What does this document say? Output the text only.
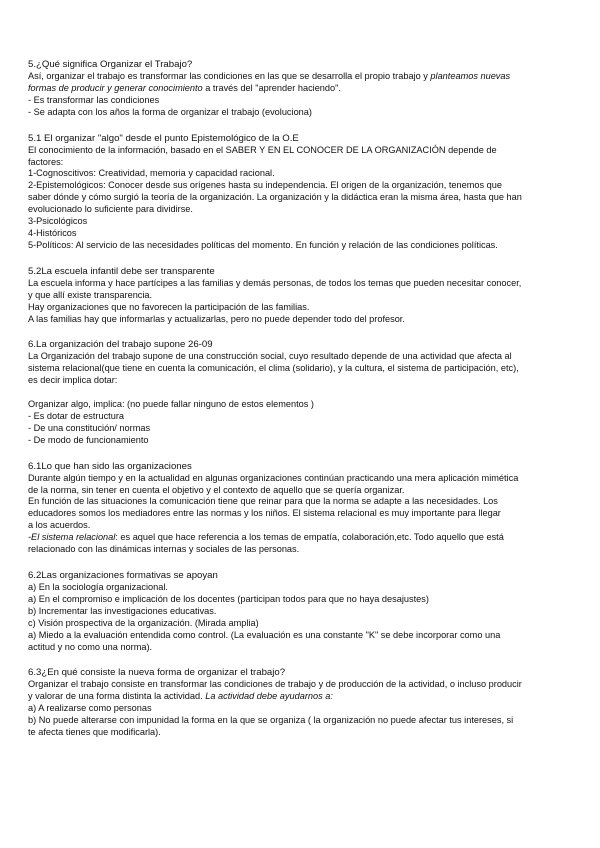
5.¿Qué significa Organizar el Trabajo?
Así, organizar el trabajo es transformar las condiciones en las que se desarrolla el propio trabajo y planteamos nuevas
formas de producir y generar conocimiento a través del "aprender haciendo".
- Es transformar las condiciones
- Se adapta con los años la forma de organizar el trabajo (evoluciona)
5.1 El organizar "algo" desde el punto Epistemológico de la O.E
El conocimiento de la información, basado en el SABER Y EN EL CONOCER DE LA ORGANIZACIÓN depende de
factores:
1-Cognoscitivos: Creatividad, memoria y capacidad racional.
2-Epistemológicos: Conocer desde sus orígenes hasta su independencia. El origen de la organización, tenemos que
saber dónde y cómo surgió la teoría de la organización. La organización y la didáctica eran la misma área, hasta que han
evolucionado lo suficiente para dividirse.
3-Psicológicos
4-Históricos
5-Políticos: Al servicio de las necesidades políticas del momento. En función y relación de las condiciones políticas.
5.2La escuela infantil debe ser transparente
La escuela informa y hace partícipes a las familias y demás personas, de todos los temas que pueden necesitar conocer,
y que allí existe transparencia.
Hay organizaciones que no favorecen la participación de las familias.
A las familias hay que informarlas y actualizarlas, pero no puede depender todo del profesor.
6.La organización del trabajo supone 26-09
La Organización del trabajo supone de una construcción social, cuyo resultado depende de una actividad que afecta al
sistema relacional(que tiene en cuenta la comunicación, el clima (solidario), y la cultura, el sistema de participación, etc),
es decir implica dotar:
Organizar algo, implica: (no puede fallar ninguno de estos elementos )
- Es dotar de estructura
- De una constitución/ normas
- De modo de funcionamiento
6.1Lo que han sido las organizaciones
Durante algún tiempo y en la actualidad en algunas organizaciones continúan practicando una mera aplicación mimética
de la norma, sin tener en cuenta el objetivo y el contexto de aquello que se quería organizar.
En función de las situaciones la comunicación tiene que reinar para que la norma se adapte a las necesidades. Los
educadores somos los mediadores entre las normas y los niños. El sistema relacional es muy importante para llegar
a los acuerdos.
-El sistema relacional: es aquel que hace referencia a los temas de empatía, colaboración,etc. Todo aquello que está
relacionado con las dinámicas internas y sociales de las personas.
6.2Las organizaciones formativas se apoyan
a) En la sociología organizacional.
a) En el compromiso e implicación de los docentes (participan todos para que no haya desajustes)
b) Incrementar las investigaciones educativas.
c) Visión prospectiva de la organización. (Mirada amplia)
a) Miedo a la evaluación entendida como control. (La evaluación es una constante "K" se debe incorporar como una
actitud y no como una norma).
6.3¿En qué consiste la nueva forma de organizar el trabajo?
Organizar el trabajo consiste en transformar las condiciones de trabajo y de producción de la actividad, o incluso producir
y valorar de una forma distinta la actividad. La actividad debe ayudarnos a:
a) A realizarse como personas
b) No puede alterarse con impunidad la forma en la que se organiza ( la organización no puede afectar tus intereses, si
te afecta tienes que modificarla).
